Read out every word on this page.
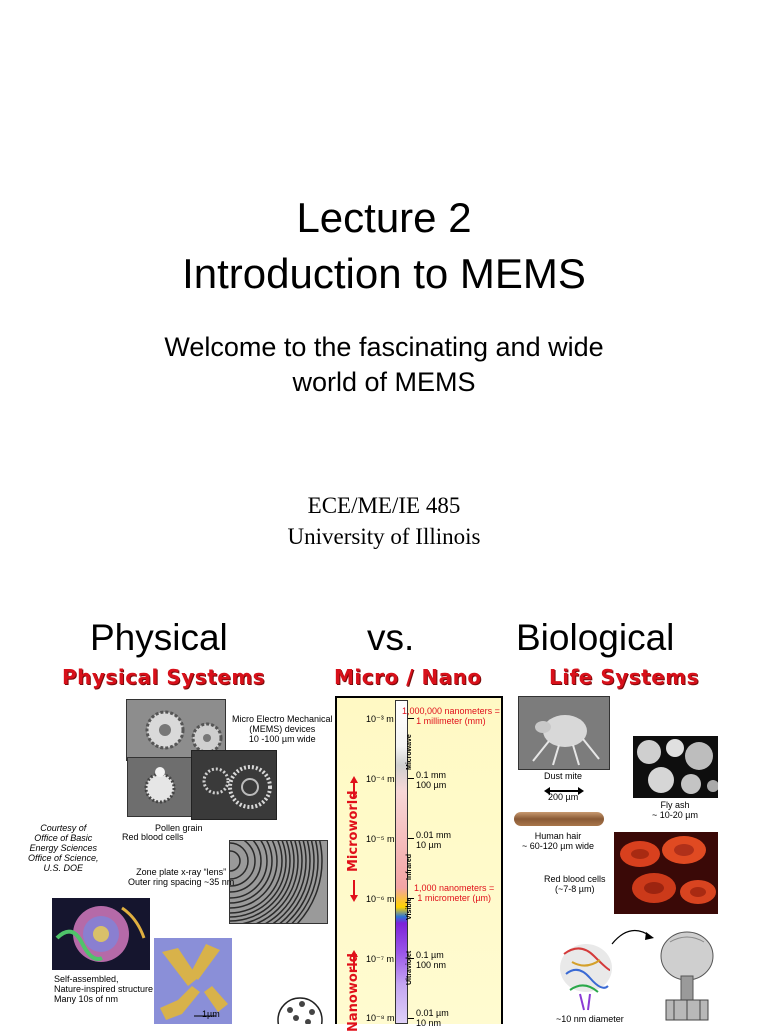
Lecture 2
Introduction to MEMS
Welcome to the fascinating and wide
world of MEMS
ECE/ME/IE 485
University of Illinois
Physical	vs.	Biological
Physical Systems	Micro / Nano	Life Systems
Micro Electro Mechanical
(MEMS) devices
10 -100 µm wide
Pollen grain
Red blood cells
Courtesy of
Office of Basic
Energy Sciences
Office of Science,
U.S. DOE	Zone plate x-ray “lens”
Outer ring spacing ~35 nm
Self-assembled,
Nature-inspired structure
Many 10s of nm
1µm
10⁻³ m
10⁻⁴ m
10⁻⁵ m
10⁻⁶ m
10⁻⁷ m
10⁻⁸ m
1,000,000 nanometers =
1 millimeter (mm)
1,000 nanometers =
1 micrometer (µm)
0.1 mm
100 µm
0.01 mm
10 µm
0.1 µm
100 nm
0.01 µm
10 nm
Microwave
Infrared
Visible
Ultraviolet
Microworld
Nanoworld
Dust mite
200 µm
Fly ash
~ 10-20 µm
Human hair
~ 60-120 µm wide
Red blood cells
(~7-8 µm)
~10 nm diameter
